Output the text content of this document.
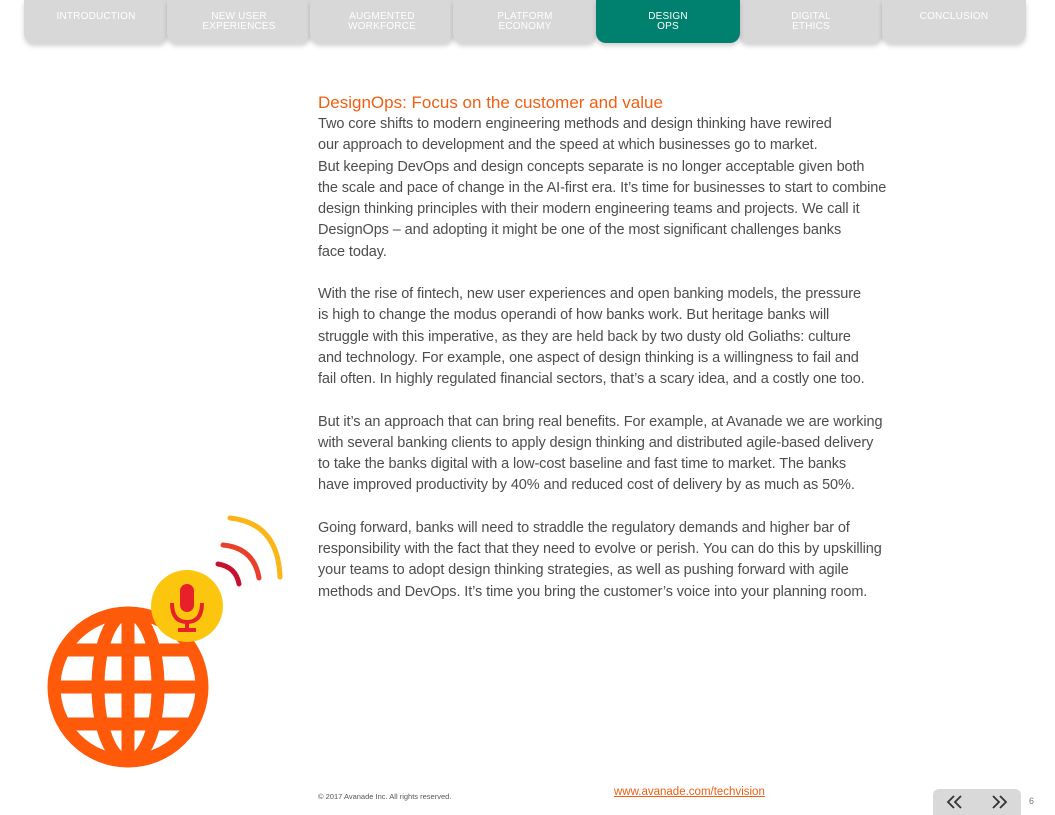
INTRODUCTION	NEW USER
EXPERIENCES
AUGMENTED
WORKFORCE
PLATFORM
ECONOMY
DESIGN
OPS
DIGITAL
ETHICS
CONCLUSION
DesignOps: Focus on the customer and value

Two core shifts to modern engineering methods and design thinking have rewired
our approach to development and the speed at which businesses go to market.
But keeping DevOps and design concepts separate is no longer acceptable given both
the scale and pace of change in the AI-first era. It’s time for businesses to start to combine
design thinking principles with their modern engineering teams and projects. We call it
DesignOps – and adopting it might be one of the most significant challenges banks
face today.

With the rise of fintech, new user experiences and open banking models, the pressure
is high to change the modus operandi of how banks work. But heritage banks will
struggle with this imperative, as they are held back by two dusty old Goliaths: culture
and technology. For example, one aspect of design thinking is a willingness to fail and
fail often. In highly regulated financial sectors, that’s a scary idea, and a costly one too.

But it’s an approach that can bring real benefits. For example, at Avanade we are working
with several banking clients to apply design thinking and distributed agile-based delivery
to take the banks digital with a low-cost baseline and fast time to market. The banks
have improved productivity by 40% and reduced cost of delivery by as much as 50%.

Going forward, banks will need to straddle the regulatory demands and higher bar of
responsibility with the fact that they need to evolve or perish. You can do this by upskilling
your teams to adopt design thinking strategies, as well as pushing forward with agile
methods and DevOps. It’s time you bring the customer’s voice into your planning room.

© 2017 Avanade Inc. All rights reserved.	www.avanade.com/techvision
6
